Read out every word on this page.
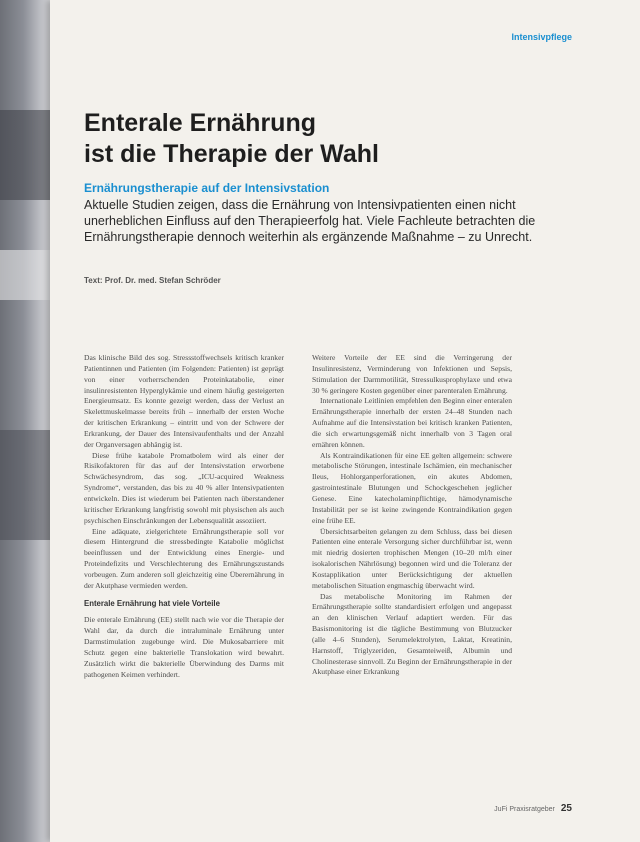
Intensivpflege
Enterale Ernährung
ist die Therapie der Wahl
Ernährungstherapie auf der Intensivstation
Aktuelle Studien zeigen, dass die Ernährung von Intensivpatienten einen nicht unerheblichen Einfluss auf den Therapieerfolg hat. Viele Fachleute betrachten die Ernährungstherapie dennoch weiterhin als ergänzende Maßnahme – zu Unrecht.
Text: Prof. Dr. med. Stefan Schröder

Das klinische Bild des sog. Stressstoffwechsels kritisch kranker Patientinnen und Patienten (im Folgenden: Patienten) ist geprägt von einer vorherrschenden Proteinkatabolie, einer insulinresistenten Hyperglykämie und einem häufig gesteigerten Energieumsatz. Es konnte gezeigt werden, dass der Verlust an Skelettmuskelmasse bereits früh – innerhalb der ersten Woche der kritischen Erkrankung – eintritt und von der Schwere der Erkrankung, der Dauer des Intensivaufenthalts und der Anzahl der Organversagen abhängig ist.

Diese frühe katabole Promatbolem wird als einer der Risikofaktoren für das auf der Intensivstation erworbene Schwächesyndrom, das sog. „ICU-acquired Weakness Syndrome“, verstanden, das bis zu 40 % aller Intensivpatienten entwickeln. Dies ist wiederum bei Patienten nach überstandener kritischer Erkrankung langfristig sowohl mit physischen als auch psychischen Einschränkungen der Lebensqualität assoziiert.

Eine adäquate, zielgerichtete Ernährungstherapie soll vor diesem Hintergrund die stressbedingte Katabolie möglichst beeinflussen und der Entwicklung eines Energie- und Proteindefizits und Verschlechterung des Ernährungszustands vorbeugen. Zum anderen soll gleichzeitig eine Überernährung in der Akutphase vermieden werden.

Enterale Ernährung hat viele Vorteile

Die enterale Ernährung (EE) stellt nach wie vor die Therapie der Wahl dar, da durch die intraluminale Ernährung unter Darmstimulation zugebunge wird. Die Mukosabarriere mit Schutz gegen eine bakterielle Translokation wird bewahrt. Zusätzlich wirkt die bakterielle Überwindung des Darms mit pathogenen Keimen verhindert.

Weitere Vorteile der EE sind die Verringerung der Insulinresistenz, Verminderung von Infektionen und Sepsis, Stimulation der Darmmotilität, Stressulkusprophylaxe und etwa 30 % geringere Kosten gegenüber einer parenteralen Ernährung.

Internationale Leitlinien empfehlen den Beginn einer enteralen Ernährungstherapie innerhalb der ersten 24–48 Stunden nach Aufnahme auf die Intensivstation bei kritisch kranken Patienten, die sich erwartungsgemäß nicht innerhalb von 3 Tagen oral ernähren können.

Als Kontraindikationen für eine EE gelten allgemein: schwere metabolische Störungen, intestinale Ischämien, ein mechanischer Ileus, Hohlorganperforationen, ein akutes Abdomen, gastrointestinale Blutungen und Schockgeschehen jeglicher Genese. Eine katecholaminpflichtige, hämodynamische Instabilität per se ist keine zwingende Kontraindikation gegen eine frühe EE.

Übersichtsarbeiten gelangen zu dem Schluss, dass bei diesen Patienten eine enterale Versorgung sicher durchführbar ist, wenn mit niedrig dosierten trophischen Mengen (10–20 ml/h einer isokalorischen Nährlösung) begonnen wird und die Toleranz der Kostapplikation unter Berücksichtigung der aktuellen metabolischen Situation engmaschig überwacht wird.

Das metabolische Monitoring im Rahmen der Ernährungstherapie sollte standardisiert erfolgen und angepasst an den klinischen Verlauf adaptiert werden. Für das Basismonitoring ist die tägliche Bestimmung von Blutzucker (alle 4–6 Stunden), Serumelektrolyten, Laktat, Kreatinin, Harnstoff, Triglyzeriden, Gesamteiweiß, Albumin und Cholinesterase sinnvoll. Zu Beginn der Ernährungstherapie in der Akutphase einer Erkrankung

JuFi Praxisratgeber 25
